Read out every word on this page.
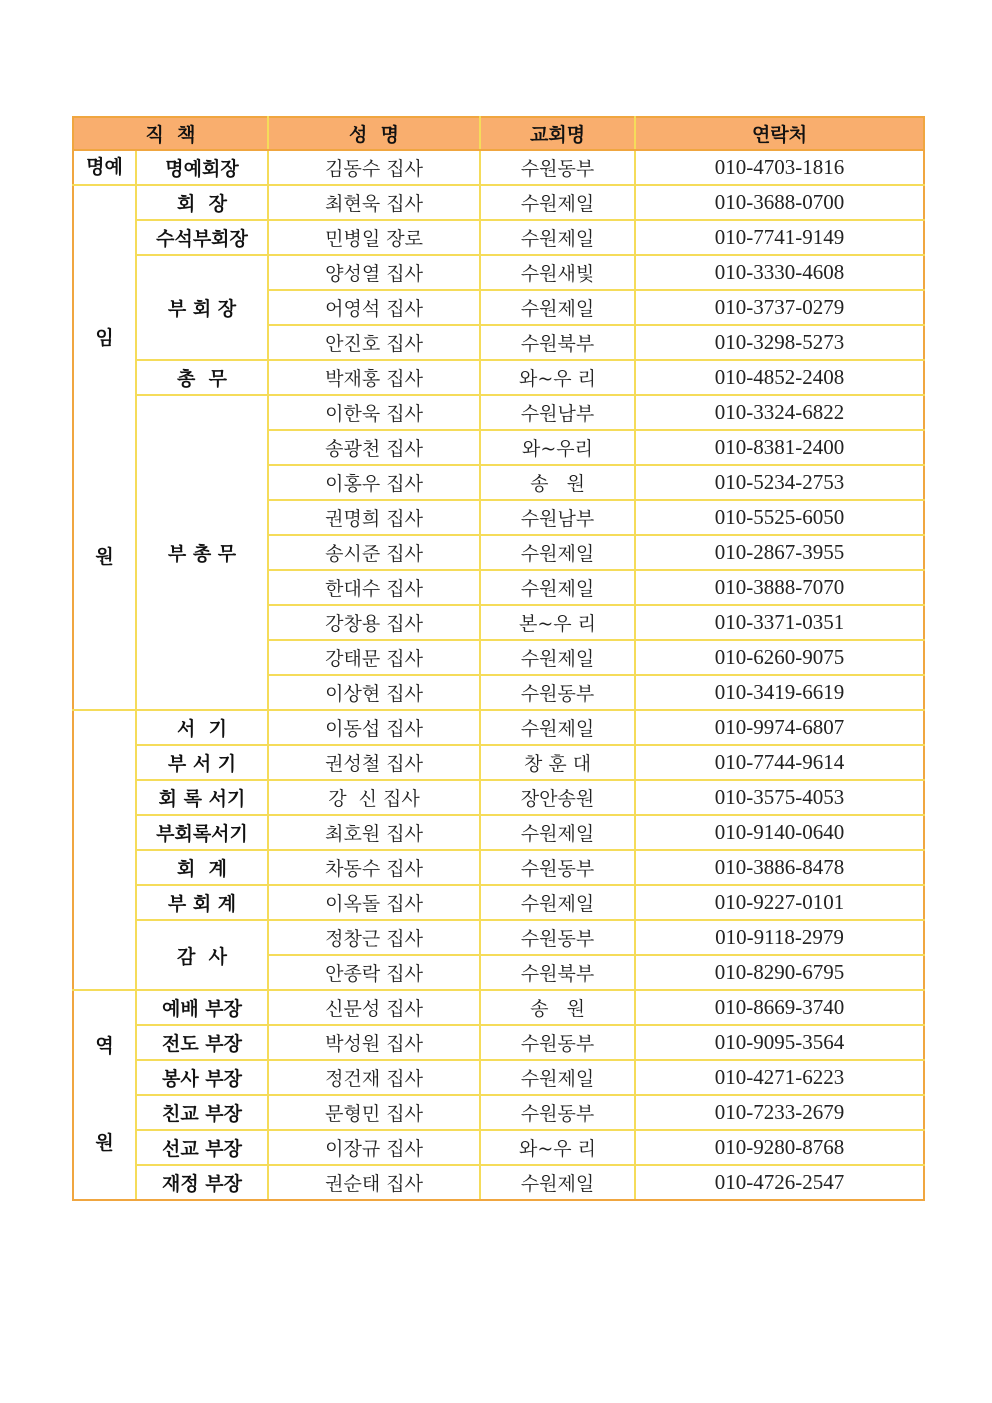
직  책		성  명	교회명	연락처
명예	명예회장	김동수 집사	수원동부	010-4703-1816

임
원	회  장	최현욱 집사	수원제일	010-3688-0700
	수석부회장	민병일 장로	수원제일	010-7741-9149
	부 회 장	양성열 집사	수원새빛	010-3330-4608
		어영석 집사	수원제일	010-3737-0279
		안진호 집사	수원북부	010-3298-5273
	총  무	박재홍 집사	와~우 리	010-4852-2408
	부 총 무	이한욱 집사	수원남부	010-3324-6822
		송광천 집사	와~우리	010-8381-2400
		이홍우 집사	송   원	010-5234-2753
		권명희 집사	수원남부	010-5525-6050
		송시준 집사	수원제일	010-2867-3955
		한대수 집사	수원제일	010-3888-7070
		강창용 집사	본~우 리	010-3371-0351
		강태문 집사	수원제일	010-6260-9075
		이상현 집사	수원동부	010-3419-6619
	서  기	이동섭 집사	수원제일	010-9974-6807
	부 서 기	권성철 집사	창 훈 대	010-7744-9614
	회 록 서기	강  신 집사	장안송원	010-3575-4053
	부회록서기	최호원 집사	수원제일	010-9140-0640
	회  계	차동수 집사	수원동부	010-3886-8478
	부 회 계	이옥돌 집사	수원제일	010-9227-0101
	감  사	정창근 집사	수원동부	010-9118-2979
		안종락 집사	수원북부	010-8290-6795

역
원	예배 부장	신문성 집사	송   원	010-8669-3740
	전도 부장	박성원 집사	수원동부	010-9095-3564
	봉사 부장	정건재 집사	수원제일	010-4271-6223
	친교 부장	문형민 집사	수원동부	010-7233-2679
	선교 부장	이장규 집사	와~우 리	010-9280-8768
	재정 부장	권순태 집사	수원제일	010-4726-2547
